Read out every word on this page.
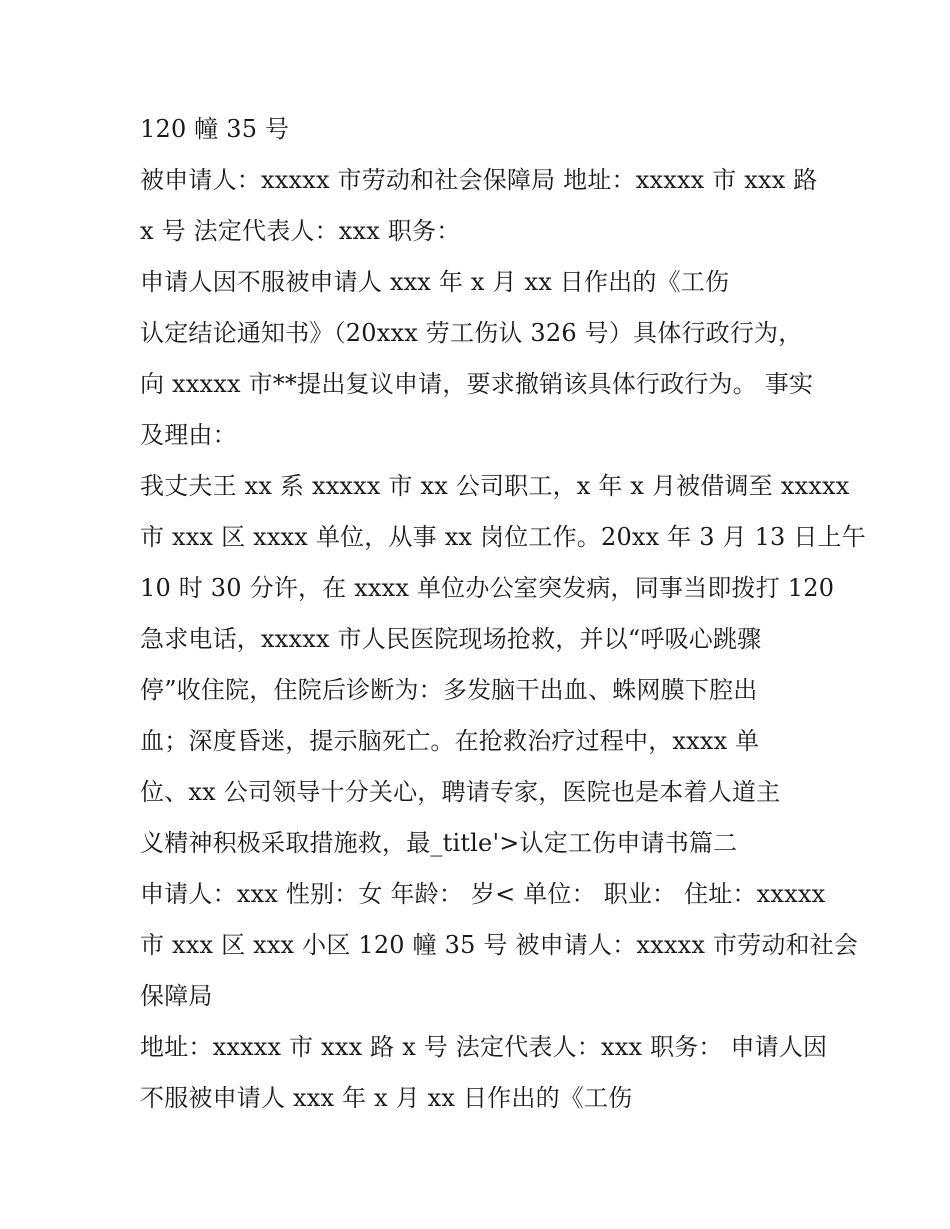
120 幢 35 号
被申请人：xxxxx 市劳动和社会保障局 地址：xxxxx 市 xxx 路
x 号 法定代表人：xxx 职务：
申请人因不服被申请人 xxx 年 x 月 xx 日作出的《工伤
认定结论通知书》（20xxx 劳工伤认 326 号）具体行政行为，
向 xxxxx 市**提出复议申请，要求撤销该具体行政行为。 事实
及理由：
我丈夫王 xx 系 xxxxx 市 xx 公司职工，x 年 x 月被借调至 xxxxx
市 xxx 区 xxxx 单位，从事 xx 岗位工作。20xx 年 3 月 13 日上午
10 时 30 分许，在 xxxx 单位办公室突发病，同事当即拨打 120
急求电话，xxxxx 市人民医院现场抢救，并以“呼吸心跳骤
停”收住院，住院后诊断为：多发脑干出血、蛛网膜下腔出
血；深度昏迷，提示脑死亡。在抢救治疗过程中，xxxx 单
位、xx 公司领导十分关心，聘请专家，医院也是本着人道主
义精神积极采取措施救，最_title'>认定工伤申请书篇二
申请人：xxx 性别：女 年龄： 岁< 单位： 职业： 住址：xxxxx
市 xxx 区 xxx 小区 120 幢 35 号 被申请人：xxxxx 市劳动和社会
保障局
地址：xxxxx 市 xxx 路 x 号 法定代表人：xxx 职务： 申请人因
不服被申请人 xxx 年 x 月 xx 日作出的《工伤
